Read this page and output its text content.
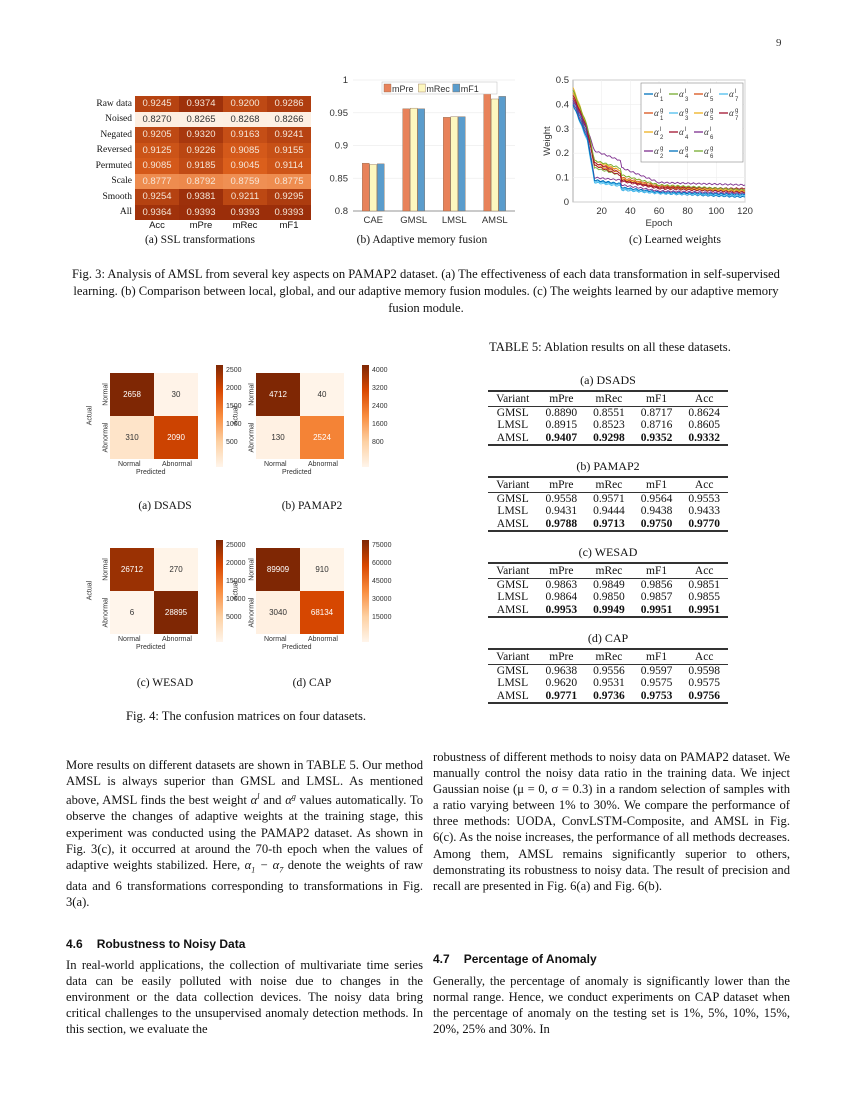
9
Raw data	0.9245	0.9374	0.9200	0.9286
Noised	0.8270	0.8265	0.8268	0.8266
Negated	0.9205	0.9320	0.9163	0.9241
Reversed	0.9125	0.9226	0.9085	0.9155
Permuted	0.9085	0.9185	0.9045	0.9114
Scale	0.8777	0.8792	0.8759	0.8775
Smooth	0.9254	0.9381	0.9211	0.9295
All	0.9364	0.9393	0.9393	0.9393
Acc	mPre	mRec	mF1
(a) SSL transformations
0.8
0.85
0.9
0.95
1
CAE GMSL LMSL AMSL
mPre mRec mF1
(b) Adaptive memory fusion
0
0.1
0.2
0.3
0.4
0.5
20 40 60 80 100 120
Epoch
Weight
α
1
l α
3
l α
5
l α
7
l
α
1
g α
3
g α
5
g α
7
g
α
2
l α
4
l α
6
l
α
2
g α
4
g α
6
g
(c) Learned weights
Fig. 3: Analysis of AMSL from several key aspects on PAMAP2 dataset. (a) The effectiveness of each data transformation in self-supervised learning. (b) Comparison between local, global, and our adaptive memory fusion modules. (c) The weights learned by our adaptive memory fusion module.
2658	30
310	2090
2500
2000
1500
1000
500
Normal	Abnormal
Normal
Abnormal
Predicted
Actual
4712	40
130	2524
4000
3200
2400
1600
800
Normal	Abnormal
Normal
Abnormal
Predicted
Actual
26712	270
6	28895
25000
20000
15000
10000
5000
Normal	Abnormal
Normal
Abnormal
Predicted
Actual
89909	910
3040	68134
75000
60000
45000
30000
15000
Normal	Abnormal
Normal
Abnormal
Predicted
Actual
(a) DSADS	(b) PAMAP2
(c) WESAD	(d) CAP
Fig. 4: The confusion matrices on four datasets.
TABLE 5: Ablation results on all these datasets.
(a) DSADS
Variant	mPre	mRec	mF1	Acc
GMSL	0.8890	0.8551	0.8717	0.8624
LMSL	0.8915	0.8523	0.8716	0.8605
AMSL	0.9407	0.9298	0.9352	0.9332
(b) PAMAP2
Variant	mPre	mRec	mF1	Acc
GMSL	0.9558	0.9571	0.9564	0.9553
LMSL	0.9431	0.9444	0.9438	0.9433
AMSL	0.9788	0.9713	0.9750	0.9770
(c) WESAD
Variant	mPre	mRec	mF1	Acc
GMSL	0.9863	0.9849	0.9856	0.9851
LMSL	0.9864	0.9850	0.9857	0.9855
AMSL	0.9953	0.9949	0.9951	0.9951
(d) CAP
Variant	mPre	mRec	mF1	Acc
GMSL	0.9638	0.9556	0.9597	0.9598
LMSL	0.9620	0.9531	0.9575	0.9575
AMSL	0.9771	0.9736	0.9753	0.9756
More results on different datasets are shown in TABLE 5. Our method AMSL is always superior than GMSL and LMSL. As mentioned above, AMSL finds the best weight $\alpha^l$ and $\alpha^g$ values automatically. To observe the changes of adaptive weights at the training stage, this experiment was conducted using the PAMAP2 dataset. As shown in Fig. 3(c), it occurred at around the 70-th epoch when the values of adaptive weights stabilized. Here, $\alpha_1 - \alpha_7$ denote the weights of raw data and 6 transformations corresponding to transformations in Fig. 3(a).
4.6 Robustness to Noisy Data
In real-world applications, the collection of multivariate time series data can be easily polluted with noise due to changes in the environment or the data collection devices. The noisy data bring critical challenges to the unsupervised anomaly detection methods. In this section, we evaluate the
robustness of different methods to noisy data on PAMAP2 dataset. We manually control the noisy data ratio in the training data. We inject Gaussian noise (μ = 0, σ = 0.3) in a random selection of samples with a ratio varying between 1% to 30%. We compare the performance of three methods: UODA, ConvLSTM-Composite, and AMSL in Fig. 6(c). As the noise increases, the performance of all methods decreases. Among them, AMSL remains significantly superior to others, demonstrating its robustness to noisy data. The result of precision and recall are presented in Fig. 6(a) and Fig. 6(b).
4.7 Percentage of Anomaly
Generally, the percentage of anomaly is significantly lower than the normal range. Hence, we conduct experiments on CAP dataset when the percentage of anomaly on the testing set is 1%, 5%, 10%, 15%, 20%, 25% and 30%. In
